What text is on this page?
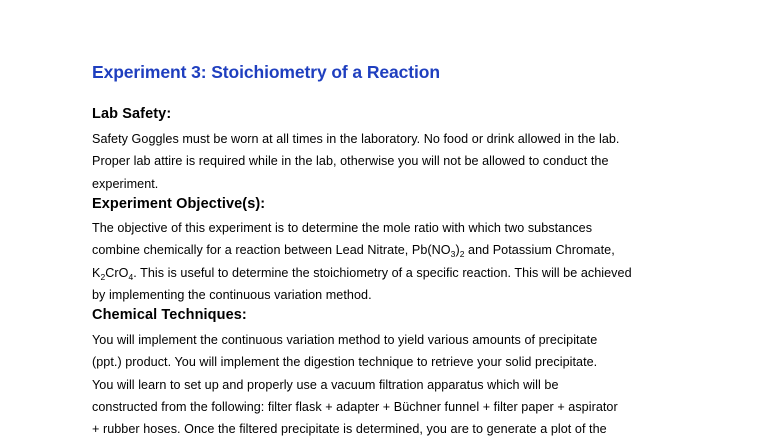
Experiment 3: Stoichiometry of a Reaction
Lab Safety:
Safety Goggles must be worn at all times in the laboratory. No food or drink allowed in the lab.
Proper lab attire is required while in the lab, otherwise you will not be allowed to conduct the
experiment.
Experiment Objective(s):
The objective of this experiment is to determine the mole ratio with which two substances
combine chemically for a reaction between Lead Nitrate, $Pb(NO_3)_2$ and Potassium Chromate,
$K_2CrO_4$. This is useful to determine the stoichiometry of a specific reaction. This will be achieved
by implementing the continuous variation method.
Chemical Techniques:
You will implement the continuous variation method to yield various amounts of precipitate
(ppt.) product. You will implement the digestion technique to retrieve your solid precipitate.
You will learn to set up and properly use a vacuum filtration apparatus which will be
constructed from the following: filter flask + adapter + Büchner funnel + filter paper + aspirator
+ rubber hoses. Once the filtered precipitate is determined, you are to generate a plot of the
